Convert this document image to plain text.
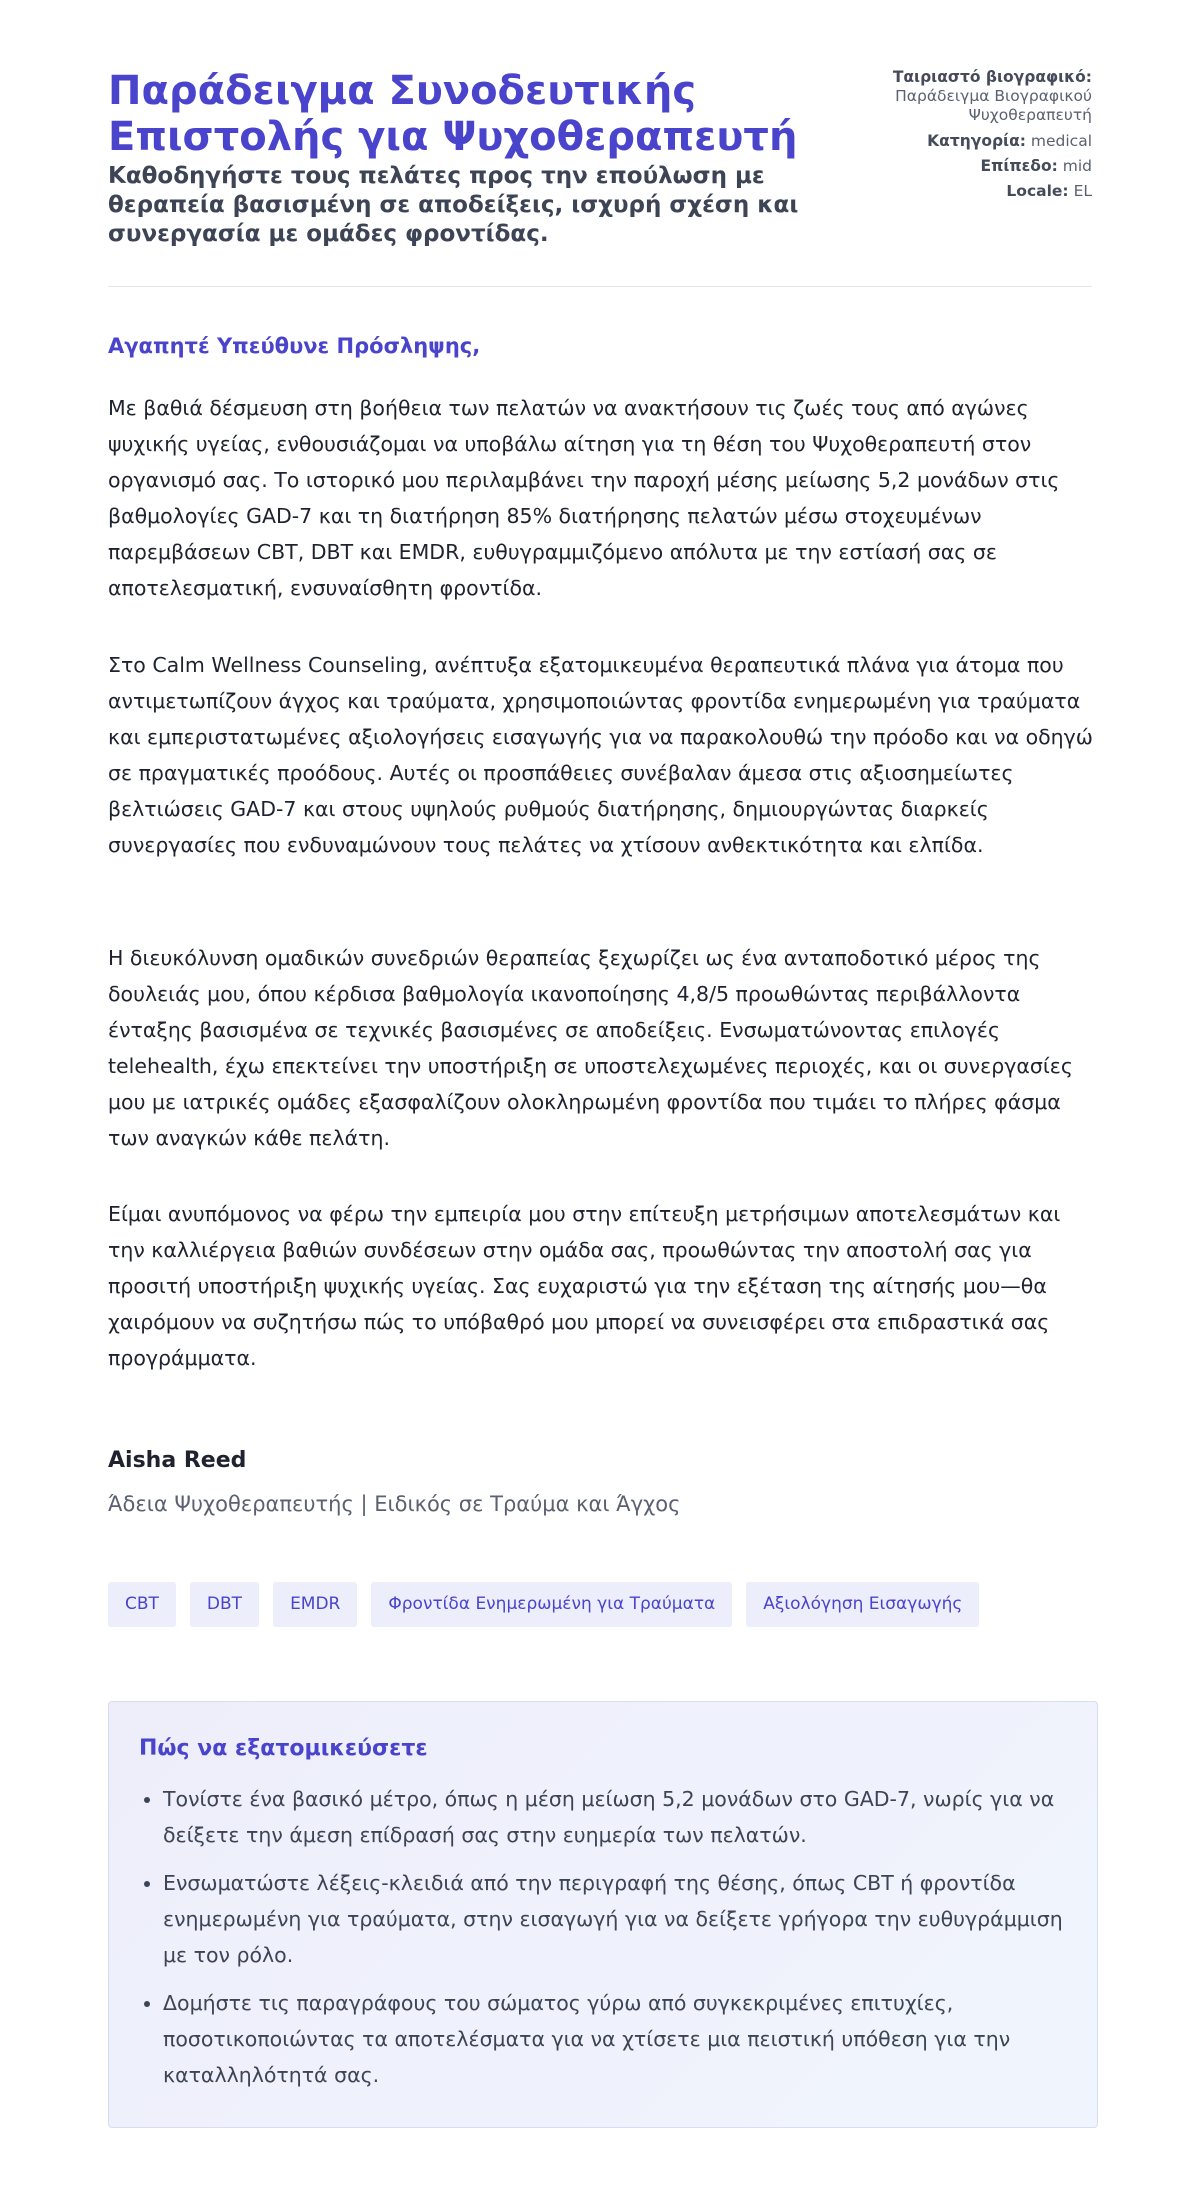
Παράδειγμα Συνοδευτικής Επιστολής για Ψυχοθεραπευτή

Καθοδηγήστε τους πελάτες προς την επούλωση με θεραπεία βασισμένη σε αποδείξεις, ισχυρή σχέση και συνεργασία με ομάδες φροντίδας.

Ταιριαστό βιογραφικό:
Παράδειγμα Βιογραφικού Ψυχοθεραπευτή
Κατηγορία: medical
Επίπεδο: mid
Locale: EL

Αγαπητέ Υπεύθυνε Πρόσληψης,

Με βαθιά δέσμευση στη βοήθεια των πελατών να ανακτήσουν τις ζωές τους από αγώνες ψυχικής υγείας, ενθουσιάζομαι να υποβάλω αίτηση για τη θέση του Ψυχοθεραπευτή στον οργανισμό σας. Το ιστορικό μου περιλαμβάνει την παροχή μέσης μείωσης 5,2 μονάδων στις βαθμολογίες GAD-7 και τη διατήρηση 85% διατήρησης πελατών μέσω στοχευμένων παρεμβάσεων CBT, DBT και EMDR, ευθυγραμμιζόμενο απόλυτα με την εστίασή σας σε αποτελεσματική, ενσυναίσθητη φροντίδα.

Στο Calm Wellness Counseling, ανέπτυξα εξατομικευμένα θεραπευτικά πλάνα για άτομα που αντιμετωπίζουν άγχος και τραύματα, χρησιμοποιώντας φροντίδα ενημερωμένη για τραύματα και εμπεριστατωμένες αξιολογήσεις εισαγωγής για να παρακολουθώ την πρόοδο και να οδηγώ σε πραγματικές προόδους. Αυτές οι προσπάθειες συνέβαλαν άμεσα στις αξιοσημείωτες βελτιώσεις GAD-7 και στους υψηλούς ρυθμούς διατήρησης, δημιουργώντας διαρκείς συνεργασίες που ενδυναμώνουν τους πελάτες να χτίσουν ανθεκτικότητα και ελπίδα.

Η διευκόλυνση ομαδικών συνεδριών θεραπείας ξεχωρίζει ως ένα ανταποδοτικό μέρος της δουλειάς μου, όπου κέρδισα βαθμολογία ικανοποίησης 4,8/5 προωθώντας περιβάλλοντα ένταξης βασισμένα σε τεχνικές βασισμένες σε αποδείξεις. Ενσωματώνοντας επιλογές telehealth, έχω επεκτείνει την υποστήριξη σε υποστελεχωμένες περιοχές, και οι συνεργασίες μου με ιατρικές ομάδες εξασφαλίζουν ολοκληρωμένη φροντίδα που τιμάει το πλήρες φάσμα των αναγκών κάθε πελάτη.

Είμαι ανυπόμονος να φέρω την εμπειρία μου στην επίτευξη μετρήσιμων αποτελεσμάτων και την καλλιέργεια βαθιών συνδέσεων στην ομάδα σας, προωθώντας την αποστολή σας για προσιτή υποστήριξη ψυχικής υγείας. Σας ευχαριστώ για την εξέταση της αίτησής μου—θα χαιρόμουν να συζητήσω πώς το υπόβαθρό μου μπορεί να συνεισφέρει στα επιδραστικά σας προγράμματα.

Aisha Reed

Άδεια Ψυχοθεραπευτής | Ειδικός σε Τραύμα και Άγχος

CBT	DBT	EMDR	Φροντίδα Ενημερωμένη για Τραύματα	Αξιολόγηση Εισαγωγής
Πώς να εξατομικεύσετε
• Τονίστε ένα βασικό μέτρο, όπως η μέση μείωση 5,2 μονάδων στο GAD-7, νωρίς για να δείξετε την άμεση επίδρασή σας στην ευημερία των πελατών.
• Ενσωματώστε λέξεις-κλειδιά από την περιγραφή της θέσης, όπως CBT ή φροντίδα ενημερωμένη για τραύματα, στην εισαγωγή για να δείξετε γρήγορα την ευθυγράμμιση με τον ρόλο.
• Δομήστε τις παραγράφους του σώματος γύρω από συγκεκριμένες επιτυχίες, ποσοτικοποιώντας τα αποτελέσματα για να χτίσετε μια πειστική υπόθεση για την καταλληλότητά σας.
